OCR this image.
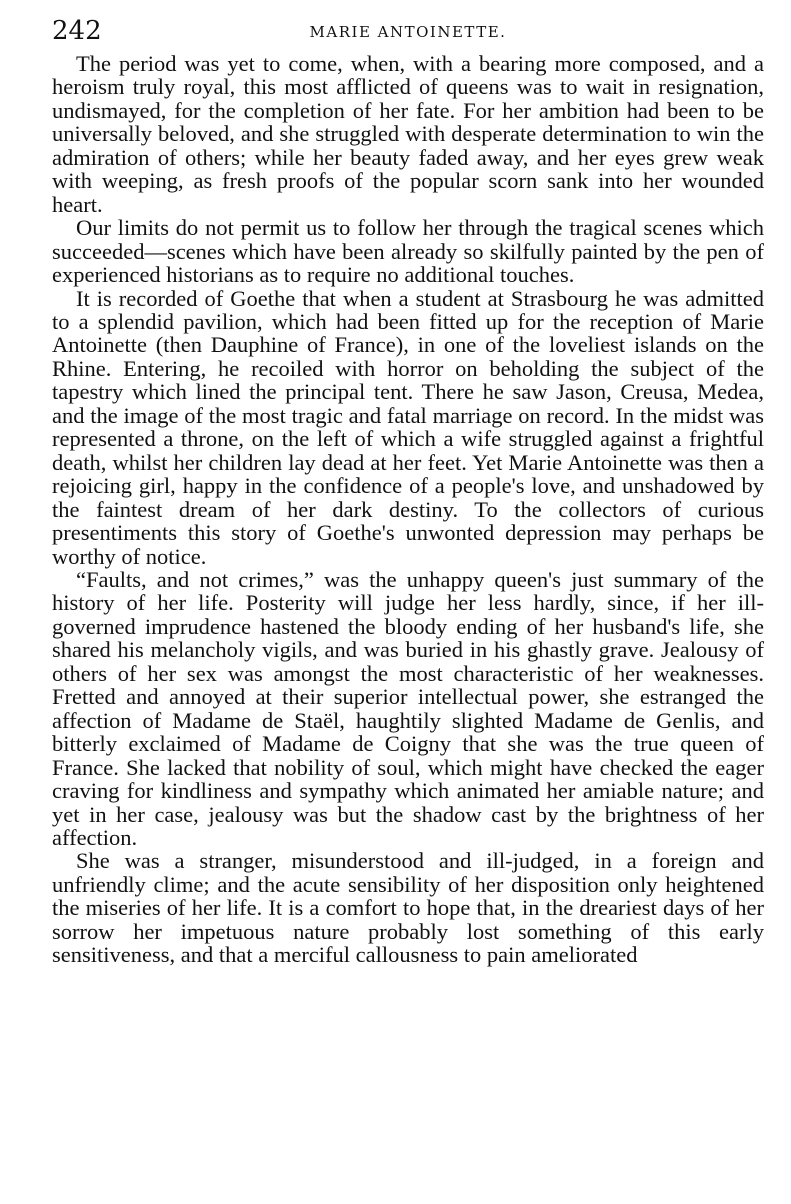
242	MARIE ANTOINETTE.

The period was yet to come, when, with a bearing more composed, and a heroism truly royal, this most afflicted of queens was to wait in resignation, undismayed, for the completion of her fate. For her ambition had been to be universally beloved, and she struggled with desperate determination to win the admiration of others; while her beauty faded away, and her eyes grew weak with weeping, as fresh proofs of the popular scorn sank into her wounded heart.

Our limits do not permit us to follow her through the tragical scenes which succeeded—scenes which have been already so skilfully painted by the pen of experienced historians as to require no additional touches.

It is recorded of Goethe that when a student at Strasbourg he was admitted to a splendid pavilion, which had been fitted up for the reception of Marie Antoinette (then Dauphine of France), in one of the loveliest islands on the Rhine. Entering, he recoiled with horror on beholding the subject of the tapestry which lined the principal tent. There he saw Jason, Creusa, Medea, and the image of the most tragic and fatal marriage on record. In the midst was represented a throne, on the left of which a wife struggled against a frightful death, whilst her children lay dead at her feet. Yet Marie Antoinette was then a rejoicing girl, happy in the confidence of a people's love, and unshadowed by the faintest dream of her dark destiny. To the collectors of curious presentiments this story of Goethe's unwonted depression may perhaps be worthy of notice.

“Faults, and not crimes,” was the unhappy queen's just summary of the history of her life. Posterity will judge her less hardly, since, if her ill-governed imprudence hastened the bloody ending of her husband's life, she shared his melancholy vigils, and was buried in his ghastly grave. Jealousy of others of her sex was amongst the most characteristic of her weaknesses. Fretted and annoyed at their superior intellectual power, she estranged the affection of Madame de Staël, haughtily slighted Madame de Genlis, and bitterly exclaimed of Madame de Coigny that she was the true queen of France. She lacked that nobility of soul, which might have checked the eager craving for kindliness and sympathy which animated her amiable nature; and yet in her case, jealousy was but the shadow cast by the brightness of her affection.

She was a stranger, misunderstood and ill-judged, in a foreign and unfriendly clime; and the acute sensibility of her disposition only heightened the miseries of her life. It is a comfort to hope that, in the dreariest days of her sorrow her impetuous nature probably lost something of this early sensitiveness, and that a merciful callousness to pain ameliorated
